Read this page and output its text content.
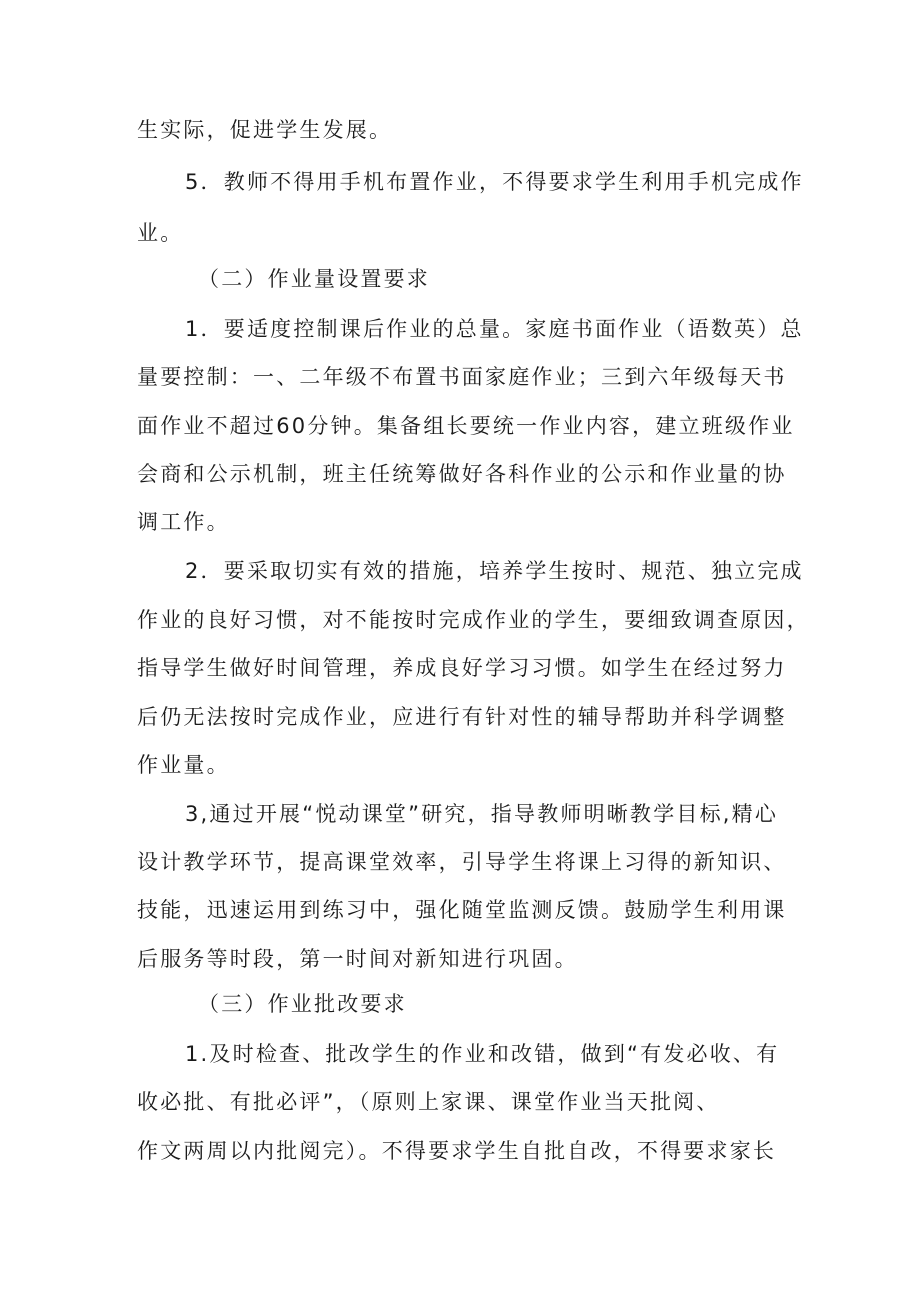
生实际，促进学生发展。
5．教师不得用手机布置作业，不得要求学生利用手机完成作
业。
（二）作业量设置要求
1．要适度控制课后作业的总量。家庭书面作业（语数英）总
量要控制：一、二年级不布置书面家庭作业；三到六年级每天书
面作业不超过60分钟。集备组长要统一作业内容，建立班级作业
会商和公示机制，班主任统筹做好各科作业的公示和作业量的协
调工作。
2．要采取切实有效的措施，培养学生按时、规范、独立完成
作业的良好习惯，对不能按时完成作业的学生，要细致调查原因，
指导学生做好时间管理，养成良好学习习惯。如学生在经过努力
后仍无法按时完成作业，应进行有针对性的辅导帮助并科学调整
作业量。
3,通过开展“悦动课堂”研究，指导教师明晰教学目标,精心
设计教学环节，提高课堂效率，引导学生将课上习得的新知识、
技能，迅速运用到练习中，强化随堂监测反馈。鼓励学生利用课
后服务等时段，第一时间对新知进行巩固。
（三）作业批改要求
1.及时检查、批改学生的作业和改错，做到“有发必收、有
收必批、有批必评”，（原则上家课、课堂作业当天批阅、
作文两周以内批阅完）。不得要求学生自批自改，不得要求家长
